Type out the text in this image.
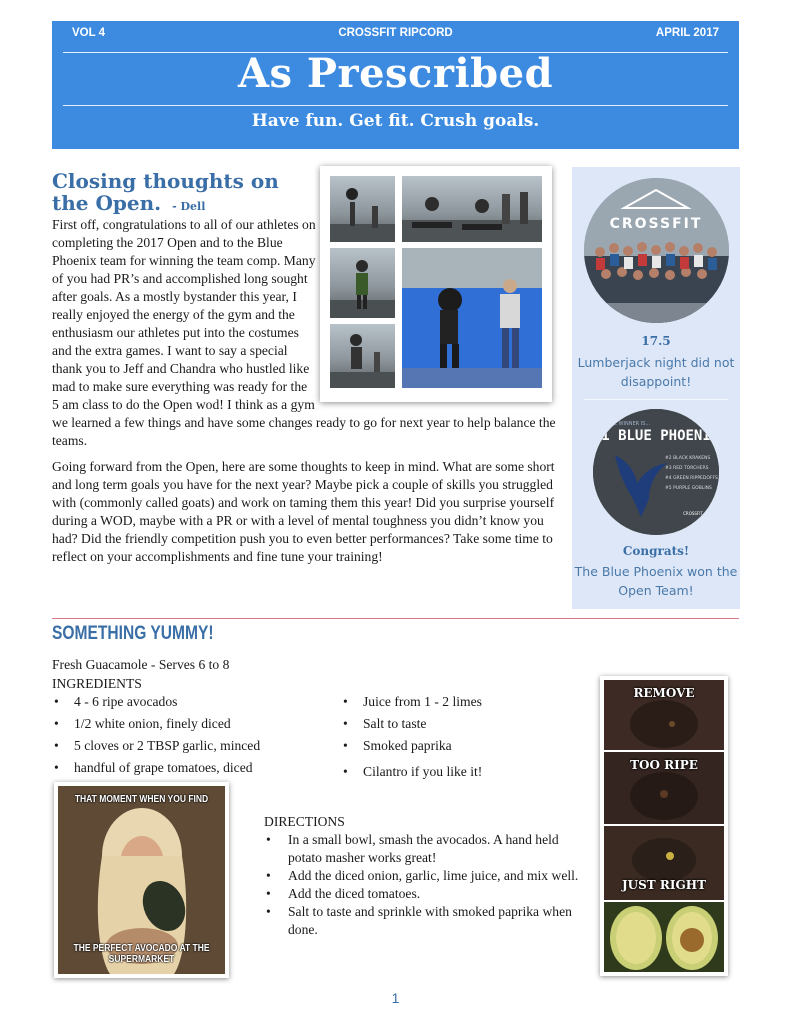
VOL 4	CROSSFIT RIPCORD	APRIL 2017
As Prescribed
Have fun. Get fit. Crush goals.
Closing thoughts on the Open. - Dell
First off, congratulations to all of our athletes on completing the 2017 Open and to the Blue Phoenix team for winning the team comp. Many of you had PR’s and accomplished long sought after goals. As a mostly bystander this year, I really enjoyed the energy of the gym and the enthusiasm our athletes put into the costumes and the extra games. I want to say a special thank you to Jeff and Chandra who hustled like mad to make sure everything was ready for the 5 am class to do the Open wod! I think as a gym we learned a few things and have some changes ready to go for next year to help balance the teams.
Going forward from the Open, here are some thoughts to keep in mind. What are some short and long term goals you have for the next year? Maybe pick a couple of skills you struggled with (commonly called goats) and work on taming them this year! Did you surprise yourself during a WOD, maybe with a PR or with a level of mental toughness you didn’t know you had? Did the friendly competition push you to even better performances? Take some time to reflect on your accomplishments and fine tune your training!
CROSSFIT
17.5
Lumberjack night did not disappoint!
THE WINNER IS...
#1 BLUE PHOENIX
#2 BLACK KRAKENS
#3 RED TORCHERS
#4 GREEN RIPPEDOFFS
#5 PURPLE GOBLINS
CROSSFIT
Congrats!
The Blue Phoenix won the Open Team!
SOMETHING YUMMY!
Fresh Guacamole - Serves 6 to 8
INGREDIENTS
• 4 - 6 ripe avocados
• 1/2 white onion, finely diced
• 5 cloves or 2 TBSP garlic, minced
• handful of grape tomatoes, diced
• Juice from 1 - 2 limes
• Salt to taste
• Smoked paprika
• Cilantro if you like it!
THAT MOMENT WHEN YOU FIND
THE PERFECT AVOCADO AT THE SUPERMARKET
DIRECTIONS
• In a small bowl, smash the avocados. A hand held potato masher works great!
• Add the diced onion, garlic, lime juice, and mix well.
• Add the diced tomatoes.
• Salt to taste and sprinkle with smoked paprika when done.
REMOVE
TOO RIPE
JUST RIGHT
1
